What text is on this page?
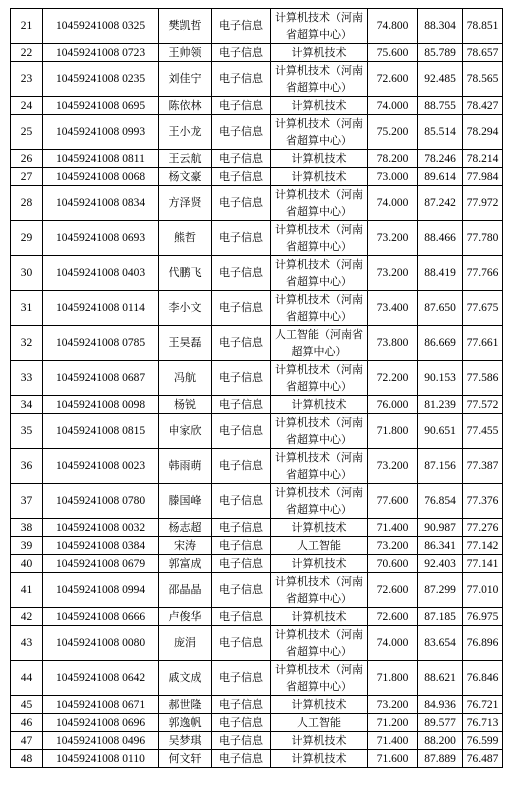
21	10459241008 0325	樊凯哲	电子信息	计算机技术（河南省超算中心）	74.800	88.304	78.851
22	10459241008 0723	王帅领	电子信息	计算机技术	75.600	85.789	78.657
23	10459241008 0235	刘佳宁	电子信息	计算机技术（河南省超算中心）	72.600	92.485	78.565
24	10459241008 0695	陈依林	电子信息	计算机技术	74.000	88.755	78.427
25	10459241008 0993	王小龙	电子信息	计算机技术（河南省超算中心）	75.200	85.514	78.294
26	10459241008 0811	王云航	电子信息	计算机技术	78.200	78.246	78.214
27	10459241008 0068	杨文豪	电子信息	计算机技术	73.000	89.614	77.984
28	10459241008 0834	方泽贤	电子信息	计算机技术（河南省超算中心）	74.000	87.242	77.972
29	10459241008 0693	熊哲	电子信息	计算机技术（河南省超算中心）	73.200	88.466	77.780
30	10459241008 0403	代鹏飞	电子信息	计算机技术（河南省超算中心）	73.200	88.419	77.766
31	10459241008 0114	李小文	电子信息	计算机技术（河南省超算中心）	73.400	87.650	77.675
32	10459241008 0785	王昊磊	电子信息	人工智能（河南省超算中心）	73.800	86.669	77.661
33	10459241008 0687	冯航	电子信息	计算机技术（河南省超算中心）	72.200	90.153	77.586
34	10459241008 0098	杨锐	电子信息	计算机技术	76.000	81.239	77.572
35	10459241008 0815	申家欣	电子信息	计算机技术（河南省超算中心）	71.800	90.651	77.455
36	10459241008 0023	韩雨萌	电子信息	计算机技术（河南省超算中心）	73.200	87.156	77.387
37	10459241008 0780	滕国峰	电子信息	计算机技术（河南省超算中心）	77.600	76.854	77.376
38	10459241008 0032	杨志超	电子信息	计算机技术	71.400	90.987	77.276
39	10459241008 0384	宋涛	电子信息	人工智能	73.200	86.341	77.142
40	10459241008 0679	郭富成	电子信息	计算机技术	70.600	92.403	77.141
41	10459241008 0994	邵晶晶	电子信息	计算机技术（河南省超算中心）	72.600	87.299	77.010
42	10459241008 0666	卢俊华	电子信息	计算机技术	72.600	87.185	76.975
43	10459241008 0080	庞涓	电子信息	计算机技术（河南省超算中心）	74.000	83.654	76.896
44	10459241008 0642	戚文成	电子信息	计算机技术（河南省超算中心）	71.800	88.621	76.846
45	10459241008 0671	郝世隆	电子信息	计算机技术	73.200	84.936	76.721
46	10459241008 0696	郭逸帆	电子信息	人工智能	71.200	89.577	76.713
47	10459241008 0496	吴梦琪	电子信息	计算机技术	71.400	88.200	76.599
48	10459241008 0110	何文轩	电子信息	计算机技术	71.600	87.889	76.487
